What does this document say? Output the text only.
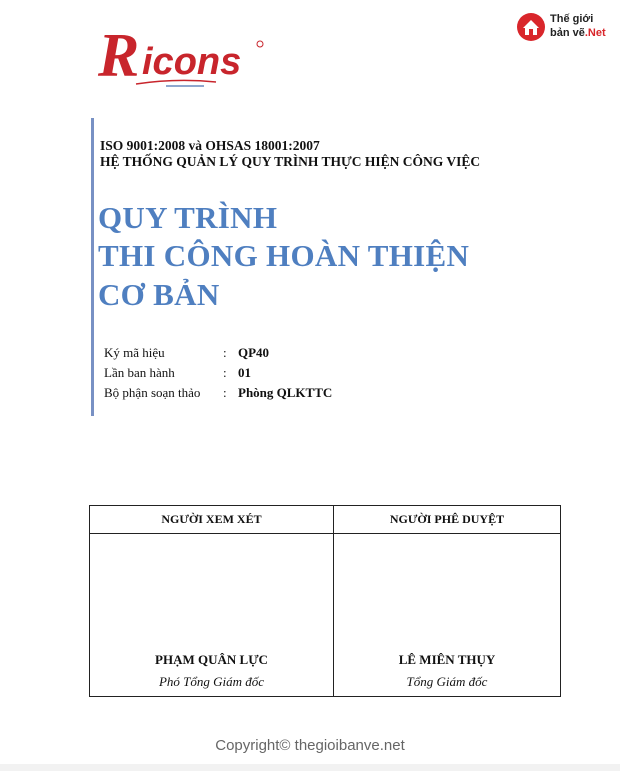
R icons
Thế giới
bản vẽ.Net
ISO 9001:2008 và OHSAS 18001:2007
HỆ THỐNG QUẢN LÝ QUY TRÌNH THỰC HIỆN CÔNG VIỆC
QUY TRÌNH
THI CÔNG HOÀN THIỆN
CƠ BẢN
Ký mã hiệu	: QP40
Lần ban hành	: 01
Bộ phận soạn thảo : Phòng QLKTTC
NGƯỜI XEM XÉT	NGƯỜI PHÊ DUYỆT
PHẠM QUÂN LỰC	LÊ MIÊN THỤY
Phó Tổng Giám đốc	Tổng Giám đốc
Copyright© thegioibanve.net
